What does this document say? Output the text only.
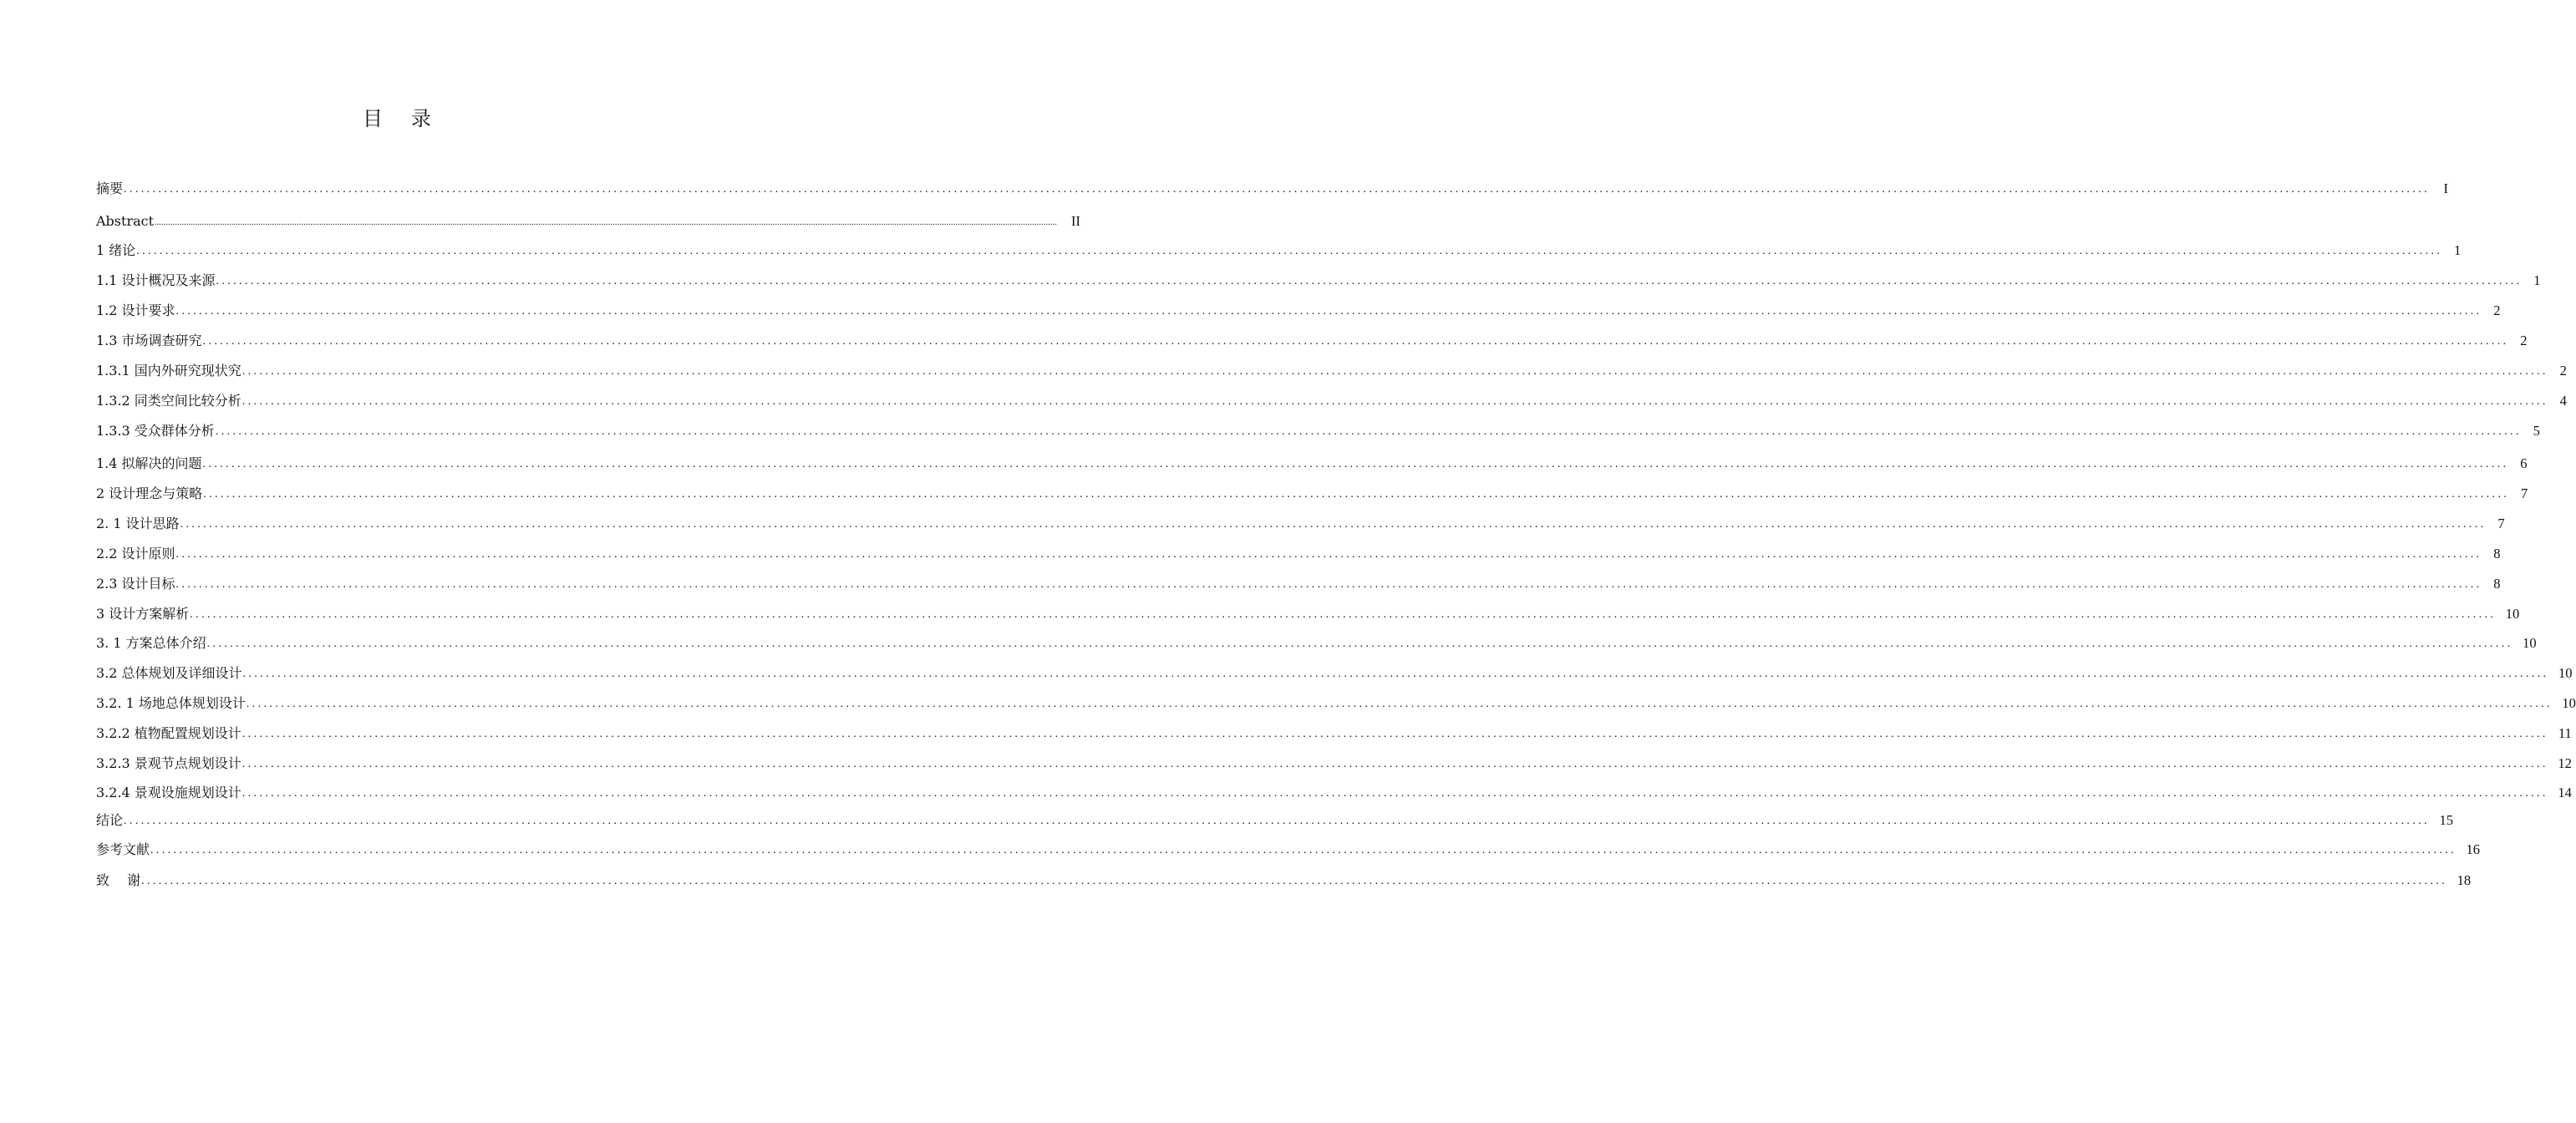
目 录
摘要 ................................................................................................................................................................................................................................................................................................................................................................................................................	I
Abstract ................................................................................................................................................................................................................................................................................................................................................................................................................	II
1 绪论 ................................................................................................................................................................................................................................................................................................................................................................................................................ 1
1.1 设计概况及来源 ................................................................................................................................................................................................................................................................................................................................................................................................................ 1
1.2 设计要求 ................................................................................................................................................................................................................................................................................................................................................................................................................ 2
1.3 市场调查研究 ................................................................................................................................................................................................................................................................................................................................................................................................................ 2
1.3.1 国内外研究现状究 ................................................................................................................................................................................................................................................................................................................................................................................................................ 2
1.3.2 同类空间比较分析 ................................................................................................................................................................................................................................................................................................................................................................................................................ 4
1.3.3 受众群体分析 ................................................................................................................................................................................................................................................................................................................................................................................................................ 5
1.4 拟解决的问题 ................................................................................................................................................................................................................................................................................................................................................................................................................ 6
2 设计理念与策略 ................................................................................................................................................................................................................................................................................................................................................................................................................ 7
2. 1 设计思路 ................................................................................................................................................................................................................................................................................................................................................................................................................ 7
2.2 设计原则 ................................................................................................................................................................................................................................................................................................................................................................................................................ 8
2.3 设计目标 ................................................................................................................................................................................................................................................................................................................................................................................................................ 8
3 设计方案解析 ................................................................................................................................................................................................................................................................................................................................................................................................................ 10
3. 1 方案总体介绍 ................................................................................................................................................................................................................................................................................................................................................................................................................ 10
3.2 总体规划及详细设计 ................................................................................................................................................................................................................................................................................................................................................................................................................ 10
3.2. 1 场地总体规划设计 ................................................................................................................................................................................................................................................................................................................................................................................................................ 10
3.2.2 植物配置规划设计 ................................................................................................................................................................................................................................................................................................................................................................................................................ 11
3.2.3 景观节点规划设计 ................................................................................................................................................................................................................................................................................................................................................................................................................ 12
3.2.4 景观设施规划设计 ................................................................................................................................................................................................................................................................................................................................................................................................................ 14
结论 ................................................................................................................................................................................................................................................................................................................................................................................................................ 15
参考文献 ................................................................................................................................................................................................................................................................................................................................................................................................................ 16
致　 谢 ................................................................................................................................................................................................................................................................................................................................................................................................................ 18
